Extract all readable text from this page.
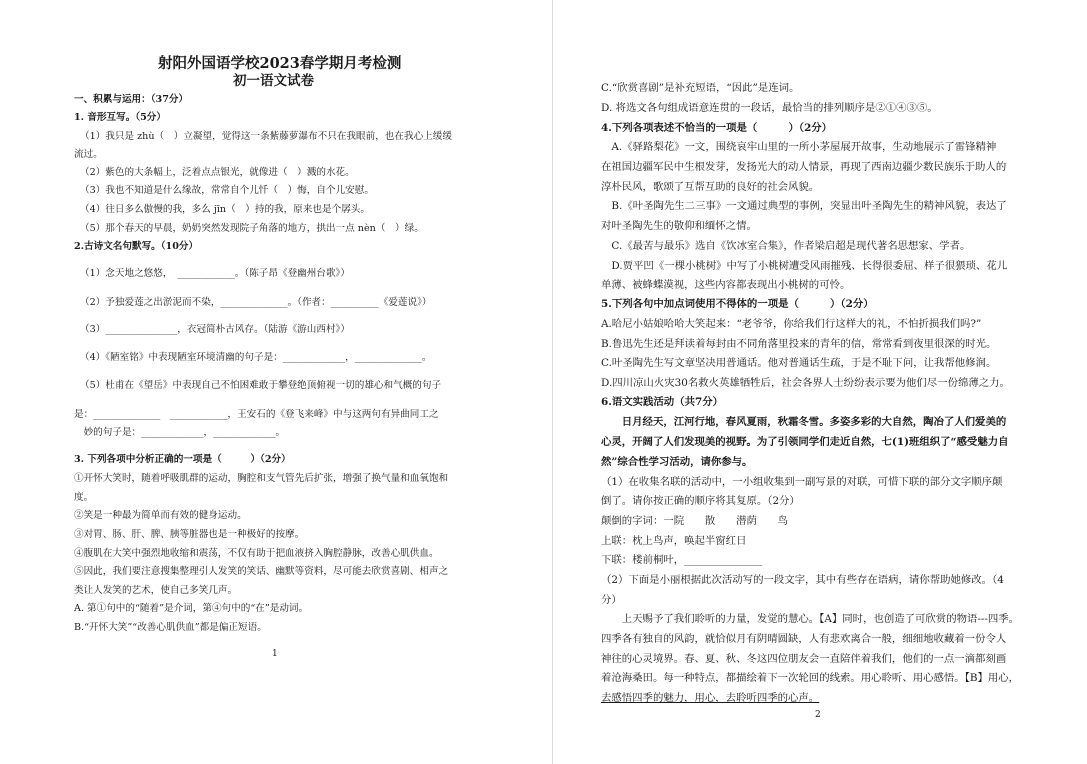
射阳外国语学校2023春学期月考检测
初一语文试卷
一、积累与运用：（37分）
1. 音形互写。（5分）
（1）我只是 zhù（　）立凝望，觉得这一条紫藤萝瀑布不只在我眼前，也在我心上缓缓
流过。
（2）紫色的大条幅上，泛着点点银光，就像进（　）溅的水花。
（3）我也不知道是什么缘故，常常自个儿忏（　）悔，自个儿安慰。
（4）往日多么傲慢的我，多么 jīn（　）持的我，原来也是个孱头。
（5）那个春天的早晨，奶奶突然发现院子角落的地方，拱出一点 nèn（　）绿。
2.古诗文名句默写。（10分）
（1）念天地之悠悠，　____________。（陈子昂《登幽州台歌》）
（2）予独爱莲之出淤泥而不染，______________。（作者：__________《爱莲说》）
（3）_______________，衣冠简朴古风存。（陆游《游山西村》）
（4）《陋室铭》中表现陋室环境清幽的句子是：_____________，______________。
（5）杜甫在《望岳》中表现自己不怕困难敢于攀登绝顶俯视一切的雄心和气概的句子
是：______________　____________，王安石的《登飞来峰》中与这两句有异曲同工之
　妙的句子是：_____________，_____________。
3. 下列各项中分析正确的一项是（　　　）（2分）
①开怀大笑时，随着呼吸肌群的运动，胸腔和支气管先后扩张，增强了换气量和血氧饱和
度。
②笑是一种最为简单而有效的健身运动。
③对胃、肠、肝、脾、胰等脏器也是一种极好的按摩。
④腹肌在大笑中强烈地收缩和震荡，不仅有助于把血液挤入胸腔静脉，改善心肌供血。
⑤因此，我们要注意搜集整理引人发笑的笑话、幽默等资料，尽可能去欣赏喜剧、相声之
类让人发笑的艺术，使自己多笑几声。
A. 第①句中的“随着”是介词，第④句中的“在”是动词。
B.“开怀大笑”“改善心肌供血”都是偏正短语。
1
C.“欣赏喜剧”是补充短语，“因此”是连词。
D. 将选文各句组成语意连贯的一段话，最恰当的排列顺序是②①④③⑤。
4.下列各项表述不恰当的一项是（　　　）（2分）
　A.《驿路梨花》一文，围绕哀牢山里的一所小茅屋展开故事，生动地展示了雷锋精神
在祖国边疆军民中生根发芽，发扬光大的动人情景，再现了西南边疆少数民族乐于助人的
淳朴民风，歌颂了互帮互助的良好的社会风貌。
　B.《叶圣陶先生二三事》一文通过典型的事例，突显出叶圣陶先生的精神风貌，表达了
对叶圣陶先生的敬仰和缅怀之情。
　C.《最苦与最乐》选自《饮冰室合集》，作者梁启超是现代著名思想家、学者。
　D.贾平凹《一棵小桃树》中写了小桃树遭受风雨摧残、长得很委屈、样子很猥琐、花儿
单薄、被蜂蝶漠视，这些内容都表现出小桃树的可怜。
5.下列各句中加点词使用不得体的一项是（　　　）（2分）
A.哈尼小姑娘哈哈大笑起来：“老爷爷，你给我们行这样大的礼，不怕折损我们吗?”
B.鲁迅先生还是拜读着每封由不同角落里投来的青年的信，常常看到夜里很深的时光。
C.叶圣陶先生写文章坚决用普通话。他对普通话生疏，于是不耻下问，让我帮他修润。
D.四川凉山火灾30名救火英雄牺牲后，社会各界人士纷纷表示要为他们尽一份绵薄之力。
6.语文实践活动（共7分）
　　日月经天，江河行地，春风夏雨，秋霜冬雪。多姿多彩的大自然，陶冶了人们爱美的
心灵，开阔了人们发现美的视野。为了引领同学们走近自然，七(1)班组织了“感受魅力自
然”综合性学习活动，请你参与。
（1）在收集名联的活动中，一小组收集到一副写景的对联，可惜下联的部分文字顺序颠
倒了。请你按正确的顺序将其复原。（2分）
颠倒的字词：一院　　散　　潜荫　　鸟
上联：枕上鸟声，唤起半窗红日
下联：楼前桐叶，_______________
（2）下面是小丽根据此次活动写的一段文字，其中有些存在语病，请你帮助她修改。（4
分）
　　上天赐予了我们聆听的力量，发觉的慧心。【A】同时，也创造了可欣赏的物语---四季。
四季各有独自的风韵，就恰似月有阴晴圆缺，人有悲欢离合一般，细细地收藏着一份令人
神往的心灵境界。春、夏、秋、冬这四位朋友会一直陪伴着我们，他们的一点一滴都刻画
着沧海桑田。每一种特点，都描绘着下一次轮回的线索。用心聆听、用心感悟。【B】用心，
去感悟四季的魅力，用心，去聆听四季的心声。
2
